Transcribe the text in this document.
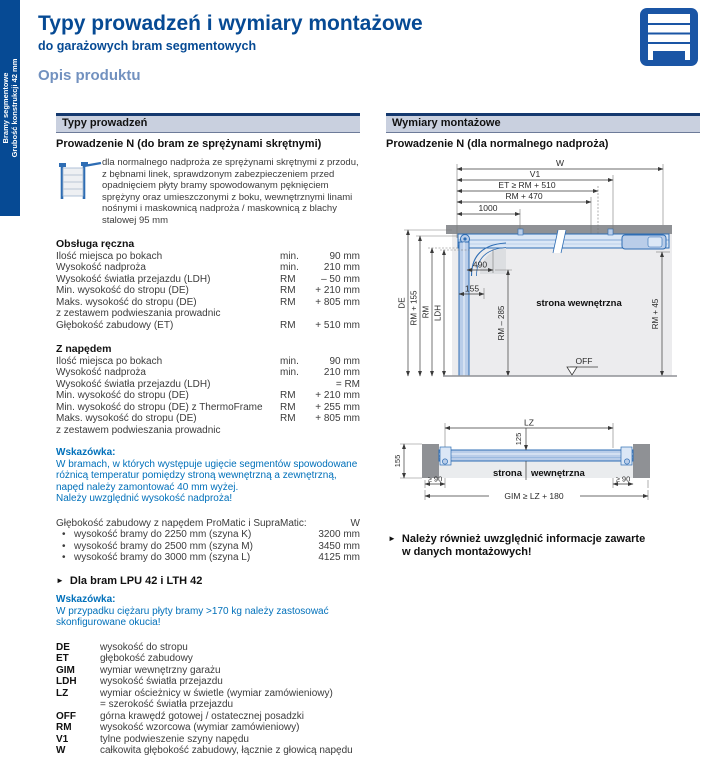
Bramy segmentowe Grubość konstrukcji 42 mm
Typy prowadzeń i wymiary montażowe
do garażowych bram segmentowych
Opis produktu
Typy prowadzeń
Prowadzenie N (do bram ze sprężynami skrętnymi)
dla normalnego nadproża ze sprężynami skrętnymi z przodu, z bębnami linek, sprawdzonym zabezpieczeniem przed opadnięciem płyty bramy spowodowanym pęknięciem sprężyny oraz umieszczonymi z boku, wewnętrznymi linami nośnymi i maskownicą nadproża / maskownicą z blachy stalowej 95 mm
Obsługa ręczna
Ilość miejsca po bokach	min.	90 mm
Wysokość nadproża	min.	210 mm
Wysokość światła przejazdu (LDH)	RM	– 50 mm
Min. wysokość do stropu (DE)	RM	+ 210 mm
Maks. wysokość do stropu (DE)	RM	+ 805 mm
z zestawem podwieszania prowadnic
Głębokość zabudowy (ET)	RM	+ 510 mm
Z napędem
Ilość miejsca po bokach	min.	90 mm
Wysokość nadproża	min.	210 mm
Wysokość światła przejazdu (LDH)	= RM
Min. wysokość do stropu (DE)	RM	+ 210 mm
Min. wysokość do stropu (DE) z ThermoFrame	RM	+ 255 mm
Maks. wysokość do stropu (DE)	RM	+ 805 mm
z zestawem podwieszania prowadnic
Wskazówka:
W bramach, w których występuje ugięcie segmentów spowodowane różnicą temperatur pomiędzy stroną wewnętrzną a zewnętrzną, napęd należy zamontować 40 mm wyżej.
Należy uwzględnić wysokość nadproża!
Głębokość zabudowy z napędem ProMatic i SupraMatic:	W
• wysokość bramy do 2250 mm (szyna K)	3200 mm
• wysokość bramy do 2500 mm (szyna M)	3450 mm
• wysokość bramy do 3000 mm (szyna L)	4125 mm
► Dla bram LPU 42 i LTH 42
Wskazówka:
W przypadku ciężaru płyty bramy >170 kg należy zastosować skonfigurowane okucia!
DE	wysokość do stropu
ET	głębokość zabudowy
GIM	wymiar wewnętrzny garażu
LDH	wysokość światła przejazdu
LZ	wymiar ościeżnicy w świetle (wymiar zamówieniowy)
= szerokość światła przejazdu
OFF	górna krawędź gotowej / ostatecznej posadzki
RM	wysokość wzorcowa (wymiar zamówieniowy)
V1	tylne podwieszenie szyny napędu
W	całkowita głębokość zabudowy, łącznie z głowicą napędu
Wymiary montażowe
Prowadzenie N (dla normalnego nadproża)
W
V1
ET ≥ RM + 510
RM + 470
1000
490
155
RM – 285
DE RM + 155 RM LDH	RM + 45
strona wewnętrzna
OFF
LZ
125
155
≥ 90	≥ 90
GIM ≥ LZ + 180
strona wewnętrzna
► Należy również uwzględnić informacje zawarte
w danych montażowych!
